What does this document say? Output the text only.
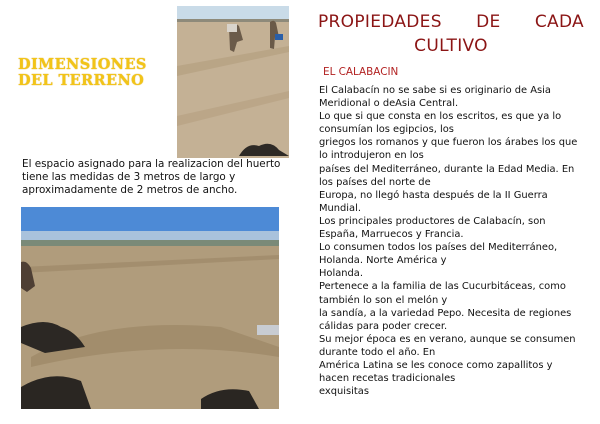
DIMENSIONES
DEL TERRENO
El espacio asignado para la realizacion del huerto tiene las medidas de 3 metros de largo y aproximadamente de 2 metros de ancho.
PROPIEDADES DE CADA
CULTIVO
EL CALABACIN
El Calabacín no se sabe si es originario de Asia
Meridional o deAsia Central.
Lo que si que consta en los escritos, es que ya lo
consumían los egipcios, los
griegos los romanos y que fueron los árabes los que
lo introdujeron en los
países del Mediterráneo, durante la Edad Media. En
los países del norte de
Europa, no llegó hasta después de la II Guerra
Mundial.
Los principales productores de Calabacín, son
España, Marruecos y Francia.
Lo consumen todos los países del Mediterráneo,
Holanda. Norte América y
Holanda.
Pertenece a la familia de las Cucurbitáceas, como
también lo son el melón y
la sandía, a la variedad Pepo. Necesita de regiones
cálidas para poder crecer.
Su mejor época es en verano, aunque se consumen
durante todo el año. En
América Latina se les conoce como zapallitos y
hacen recetas tradicionales
exquisitas
